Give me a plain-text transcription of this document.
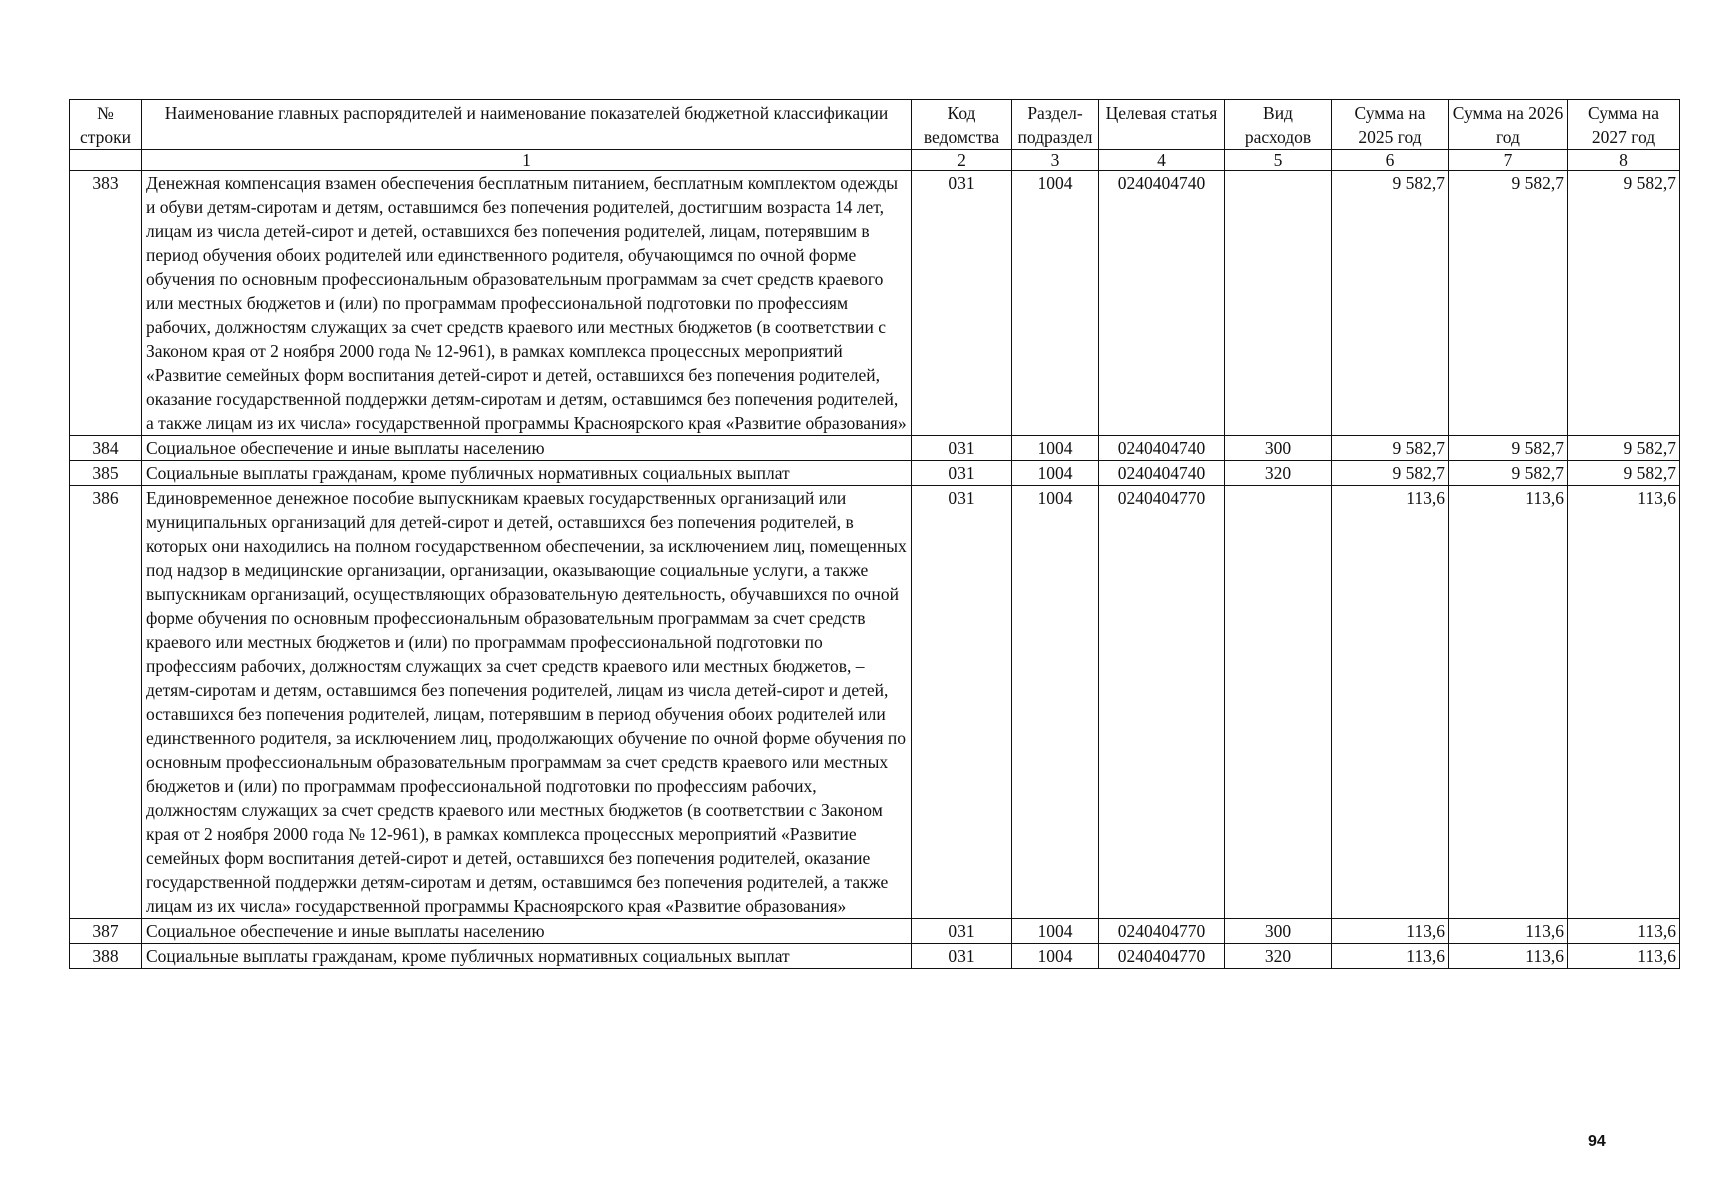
№ строки	Наименование главных распорядителей и наименование показателей бюджетной классификации	Код ведомства	Раздел- подраздел	Целевая статья	Вид расходов	Сумма на 2025 год	Сумма на 2026 год	Сумма на 2027 год
	1	2	3	4	5	6	7	8
383	Денежная компенсация взамен обеспечения бесплатным питанием, бесплатным комплектом одежды и обуви детям-сиротам и детям, оставшимся без попечения родителей, достигшим возраста 14 лет, лицам из числа детей-сирот и детей, оставшихся без попечения родителей, лицам, потерявшим в период обучения обоих родителей или единственного родителя, обучающимся по очной форме обучения по основным профессиональным образовательным программам за счет средств краевого или местных бюджетов и (или) по программам профессиональной подготовки по профессиям рабочих, должностям служащих за счет средств краевого или местных бюджетов (в соответствии с Законом края от 2 ноября 2000 года № 12-961), в рамках комплекса процессных мероприятий «Развитие семейных форм воспитания детей-сирот и детей, оставшихся без попечения родителей, оказание государственной поддержки детям-сиротам и детям, оставшимся без попечения родителей, а также лицам из их числа» государственной программы Красноярского края «Развитие образования»	031	1004	0240404740		9 582,7	9 582,7	9 582,7
384	Социальное обеспечение и иные выплаты населению	031	1004	0240404740	300	9 582,7	9 582,7	9 582,7
385	Социальные выплаты гражданам, кроме публичных нормативных социальных выплат	031	1004	0240404740	320	9 582,7	9 582,7	9 582,7
386	Единовременное денежное пособие выпускникам краевых государственных организаций или муниципальных организаций для детей-сирот и детей, оставшихся без попечения родителей, в которых они находились на полном государственном обеспечении, за исключением лиц, помещенных под надзор в медицинские организации, организации, оказывающие социальные услуги, а также выпускникам организаций, осуществляющих образовательную деятельность, обучавшихся по очной форме обучения по основным профессиональным образовательным программам за счет средств краевого или местных бюджетов и (или) по программам профессиональной подготовки по профессиям рабочих, должностям служащих за счет средств краевого или местных бюджетов, – детям-сиротам и детям, оставшимся без попечения родителей, лицам из числа детей-сирот и детей, оставшихся без попечения родителей, лицам, потерявшим в период обучения обоих родителей или единственного родителя, за исключением лиц, продолжающих обучение по очной форме обучения по основным профессиональным образовательным программам за счет средств краевого или местных бюджетов и (или) по программам профессиональной подготовки по профессиям рабочих, должностям служащих за счет средств краевого или местных бюджетов (в соответствии с Законом края от 2 ноября 2000 года № 12-961), в рамках комплекса процессных мероприятий «Развитие семейных форм воспитания детей-сирот и детей, оставшихся без попечения родителей, оказание государственной поддержки детям-сиротам и детям, оставшимся без попечения родителей, а также лицам из их числа» государственной программы Красноярского края «Развитие образования»	031	1004	0240404770		113,6	113,6	113,6
387	Социальное обеспечение и иные выплаты населению	031	1004	0240404770	300	113,6	113,6	113,6
388	Социальные выплаты гражданам, кроме публичных нормативных социальных выплат	031	1004	0240404770	320	113,6	113,6	113,6
94
